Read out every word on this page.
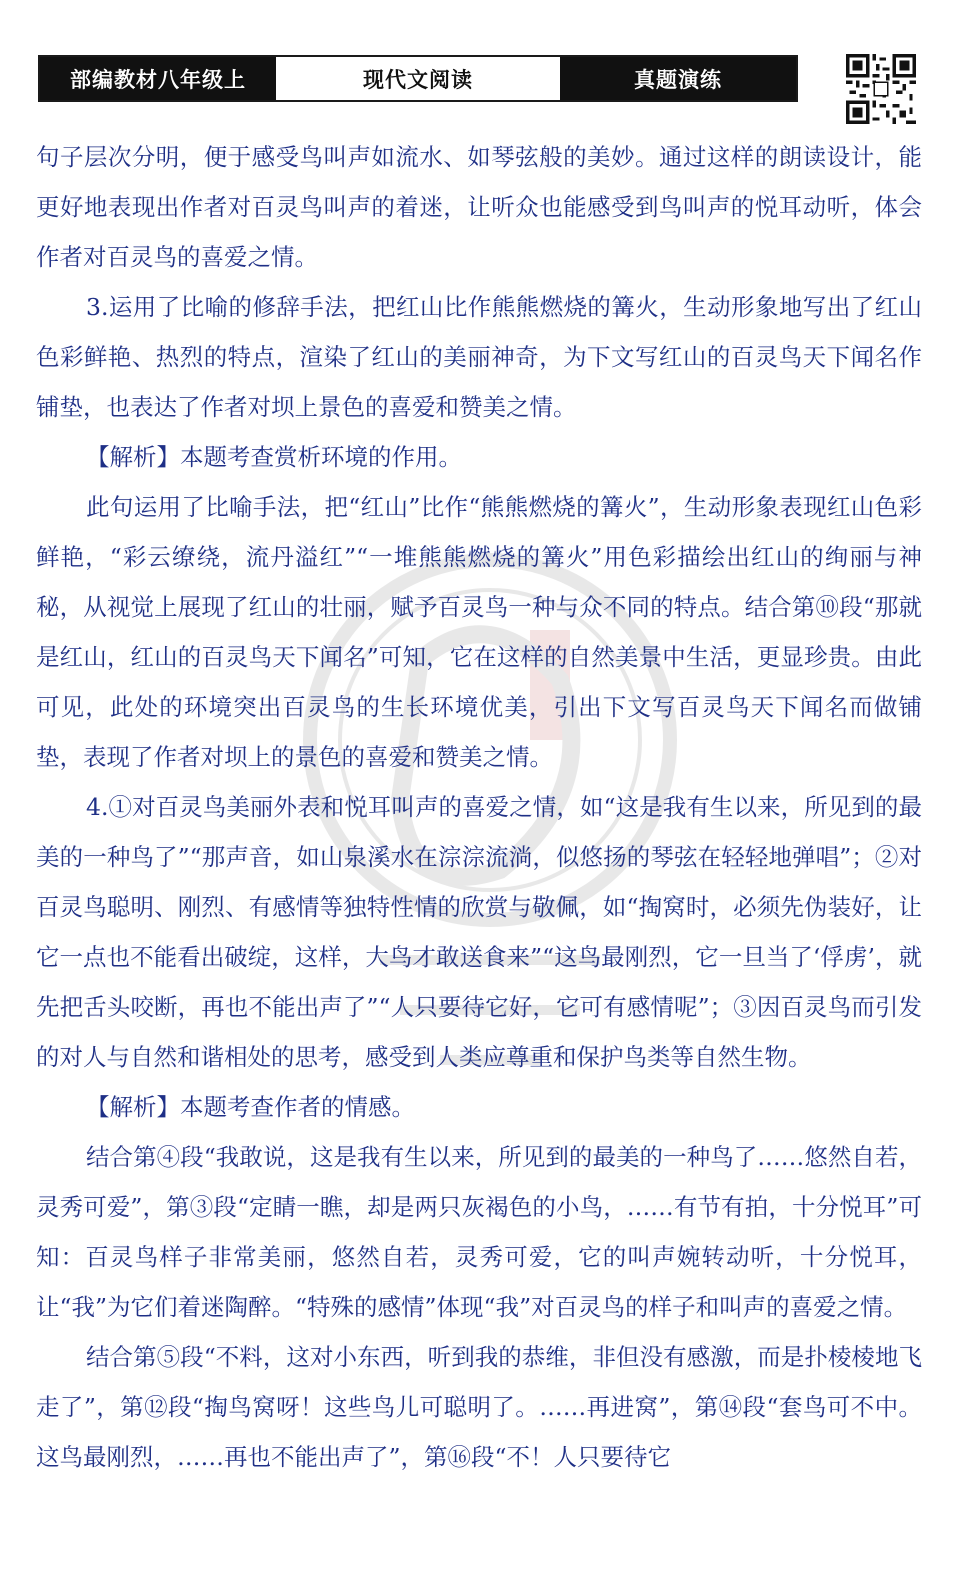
部编教材八年级上	现代文阅读	真题演练

句子层次分明，便于感受鸟叫声如流水、如琴弦般的美妙。通过这样的朗读设计，能更好地表现出作者对百灵鸟叫声的着迷，让听众也能感受到鸟叫声的悦耳动听，体会作者对百灵鸟的喜爱之情。

3.运用了比喻的修辞手法，把红山比作熊熊燃烧的篝火，生动形象地写出了红山色彩鲜艳、热烈的特点，渲染了红山的美丽神奇，为下文写红山的百灵鸟天下闻名作铺垫，也表达了作者对坝上景色的喜爱和赞美之情。

【解析】本题考查赏析环境的作用。

此句运用了比喻手法，把“红山”比作“熊熊燃烧的篝火”，生动形象表现红山色彩鲜艳，“彩云缭绕，流丹溢红”“一堆熊熊燃烧的篝火”用色彩描绘出红山的绚丽与神秘，从视觉上展现了红山的壮丽，赋予百灵鸟一种与众不同的特点。结合第⑩段“那就是红山，红山的百灵鸟天下闻名”可知，它在这样的自然美景中生活，更显珍贵。由此可见，此处的环境突出百灵鸟的生长环境优美，引出下文写百灵鸟天下闻名而做铺垫，表现了作者对坝上的景色的喜爱和赞美之情。

4.①对百灵鸟美丽外表和悦耳叫声的喜爱之情，如“这是我有生以来，所见到的最美的一种鸟了”“那声音，如山泉溪水在淙淙流淌，似悠扬的琴弦在轻轻地弹唱”；②对百灵鸟聪明、刚烈、有感情等独特性情的欣赏与敬佩，如“掏窝时，必须先伪装好，让它一点也不能看出破绽，这样，大鸟才敢送食来”“这鸟最刚烈，它一旦当了‘俘虏’，就先把舌头咬断，再也不能出声了”“人只要待它好，它可有感情呢”；③因百灵鸟而引发的对人与自然和谐相处的思考，感受到人类应尊重和保护鸟类等自然生物。

【解析】本题考查作者的情感。

结合第④段“我敢说，这是我有生以来，所见到的最美的一种鸟了……悠然自若，灵秀可爱”，第③段“定睛一瞧，却是两只灰褐色的小鸟，……有节有拍，十分悦耳”可知：百灵鸟样子非常美丽，悠然自若，灵秀可爱，它的叫声婉转动听，十分悦耳，让“我”为它们着迷陶醉。“特殊的感情”体现“我”对百灵鸟的样子和叫声的喜爱之情。

结合第⑤段“不料，这对小东西，听到我的恭维，非但没有感激，而是扑棱棱地飞走了”，第⑫段“掏鸟窝呀！这些鸟儿可聪明了。……再进窝”，第⑭段“套鸟可不中。这鸟最刚烈，……再也不能出声了”，第⑯段“不！人只要待它
